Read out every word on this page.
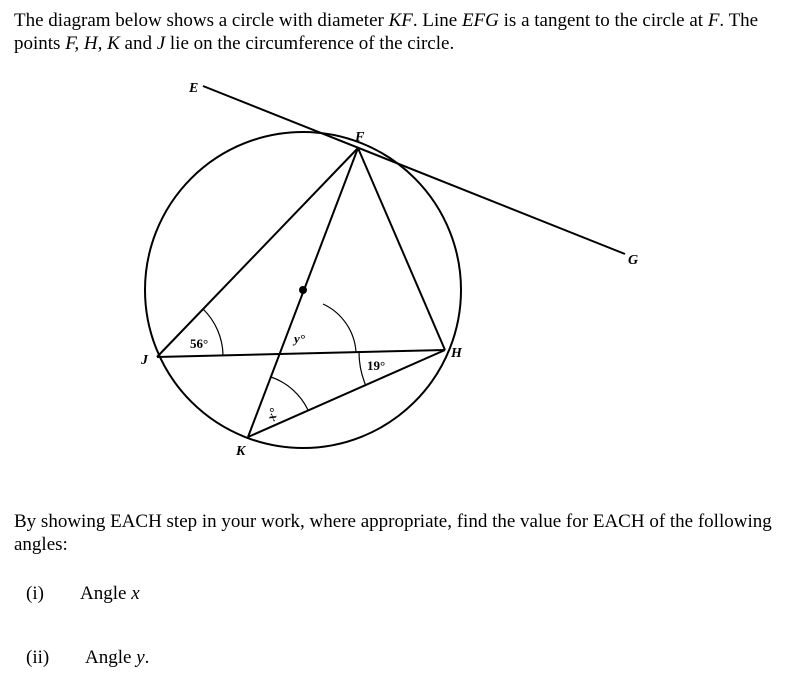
The diagram below shows a circle with diameter KF. Line EFG is a tangent to the circle at F. The points F, H, K and J lie on the circumference of the circle.

E
F
G
H
J
K
56°
19°
y°
x°

By showing EACH step in your work, where appropriate, find the value for EACH of the following angles:

(i) Angle x
(ii) Angle y.
